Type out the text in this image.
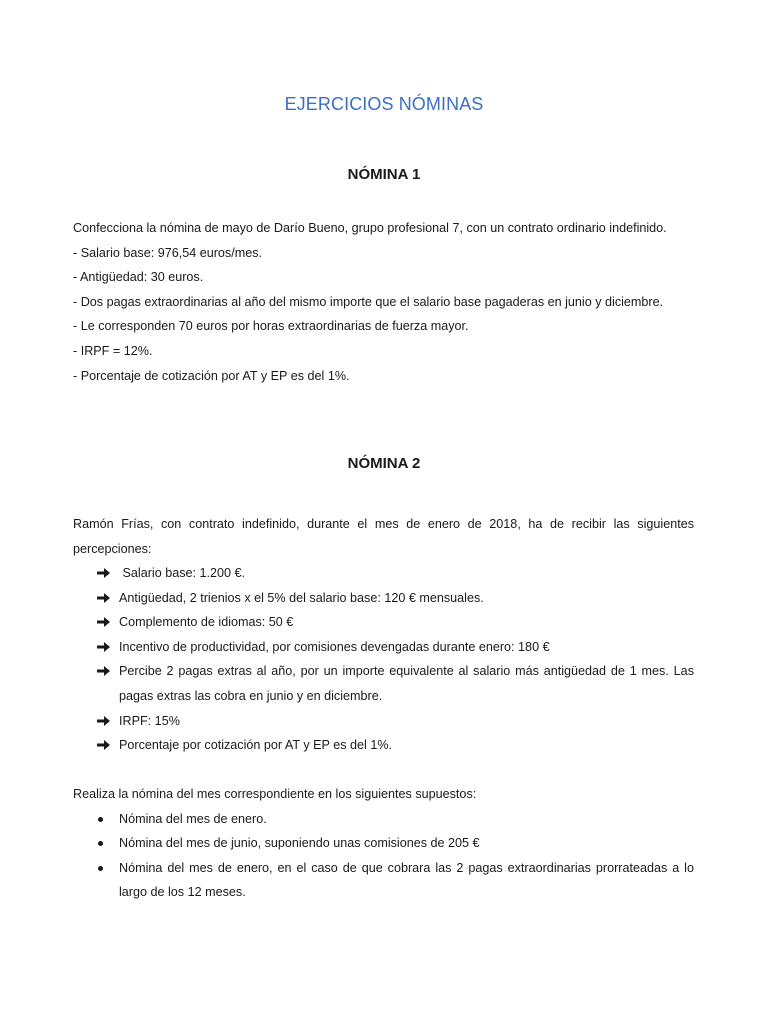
EJERCICIOS NÓMINAS
NÓMINA 1
Confecciona la nómina de mayo de Darío Bueno, grupo profesional 7, con un contrato ordinario indefinido.
- Salario base: 976,54 euros/mes.
- Antigüedad: 30 euros.
- Dos pagas extraordinarias al año del mismo importe que el salario base pagaderas en junio y diciembre.
- Le corresponden 70 euros por horas extraordinarias de fuerza mayor.
- IRPF = 12%.
- Porcentaje de cotización por AT y EP es del 1%.
NÓMINA 2
Ramón Frías, con contrato indefinido, durante el mes de enero de 2018, ha de recibir las siguientes percepciones:
Salario base: 1.200 €.
Antigüedad, 2 trienios x el 5% del salario base: 120 € mensuales.
Complemento de idiomas: 50 €
Incentivo de productividad, por comisiones devengadas durante enero: 180 €
Percibe 2 pagas extras al año, por un importe equivalente al salario más antigüedad de 1 mes. Las pagas extras las cobra en junio y en diciembre.
IRPF: 15%
Porcentaje por cotización por AT y EP es del 1%.
Realiza la nómina del mes correspondiente en los siguientes supuestos:
Nómina del mes de enero.
Nómina del mes de junio, suponiendo unas comisiones de 205 €
Nómina del mes de enero, en el caso de que cobrara las 2 pagas extraordinarias prorrateadas a lo largo de los 12 meses.
